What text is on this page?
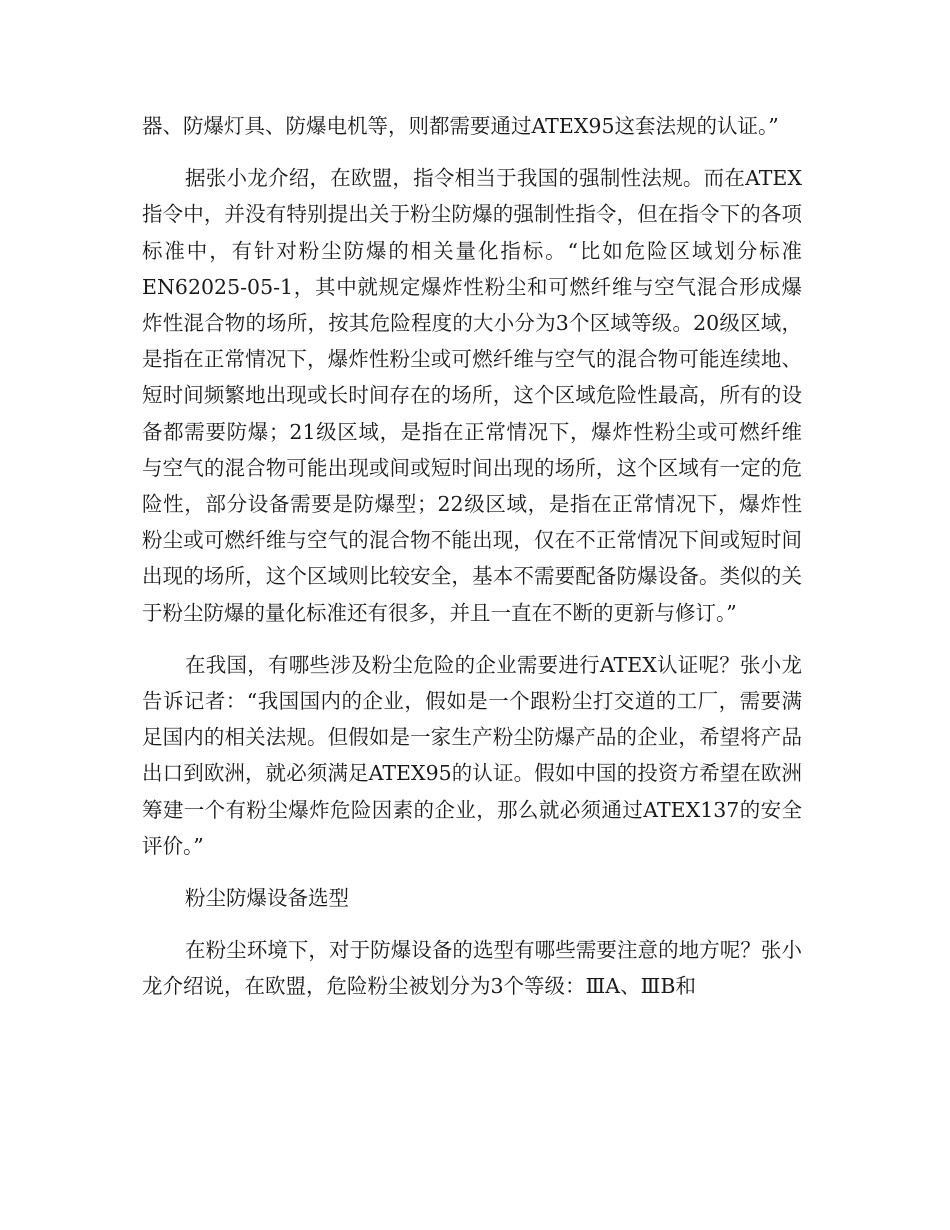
器、防爆灯具、防爆电机等，则都需要通过ATEX95这套法规的认证。”

据张小龙介绍，在欧盟，指令相当于我国的强制性法规。而在ATEX指令中，并没有特别提出关于粉尘防爆的强制性指令，但在指令下的各项标准中，有针对粉尘防爆的相关量化指标。“比如危险区域划分标准EN62025-05-1，其中就规定爆炸性粉尘和可燃纤维与空气混合形成爆炸性混合物的场所，按其危险程度的大小分为3个区域等级。20级区域，是指在正常情况下，爆炸性粉尘或可燃纤维与空气的混合物可能连续地、短时间频繁地出现或长时间存在的场所，这个区域危险性最高，所有的设备都需要防爆；21级区域，是指在正常情况下，爆炸性粉尘或可燃纤维与空气的混合物可能出现或间或短时间出现的场所，这个区域有一定的危险性，部分设备需要是防爆型；22级区域，是指在正常情况下，爆炸性粉尘或可燃纤维与空气的混合物不能出现，仅在不正常情况下间或短时间出现的场所，这个区域则比较安全，基本不需要配备防爆设备。类似的关于粉尘防爆的量化标准还有很多，并且一直在不断的更新与修订。”

在我国，有哪些涉及粉尘危险的企业需要进行ATEX认证呢？张小龙告诉记者：“我国国内的企业，假如是一个跟粉尘打交道的工厂，需要满足国内的相关法规。但假如是一家生产粉尘防爆产品的企业，希望将产品出口到欧洲，就必须满足ATEX95的认证。假如中国的投资方希望在欧洲筹建一个有粉尘爆炸危险因素的企业，那么就必须通过ATEX137的安全评价。”

粉尘防爆设备选型

在粉尘环境下，对于防爆设备的选型有哪些需要注意的地方呢？张小龙介绍说，在欧盟，危险粉尘被划分为3个等级：ⅢA、ⅢB和
